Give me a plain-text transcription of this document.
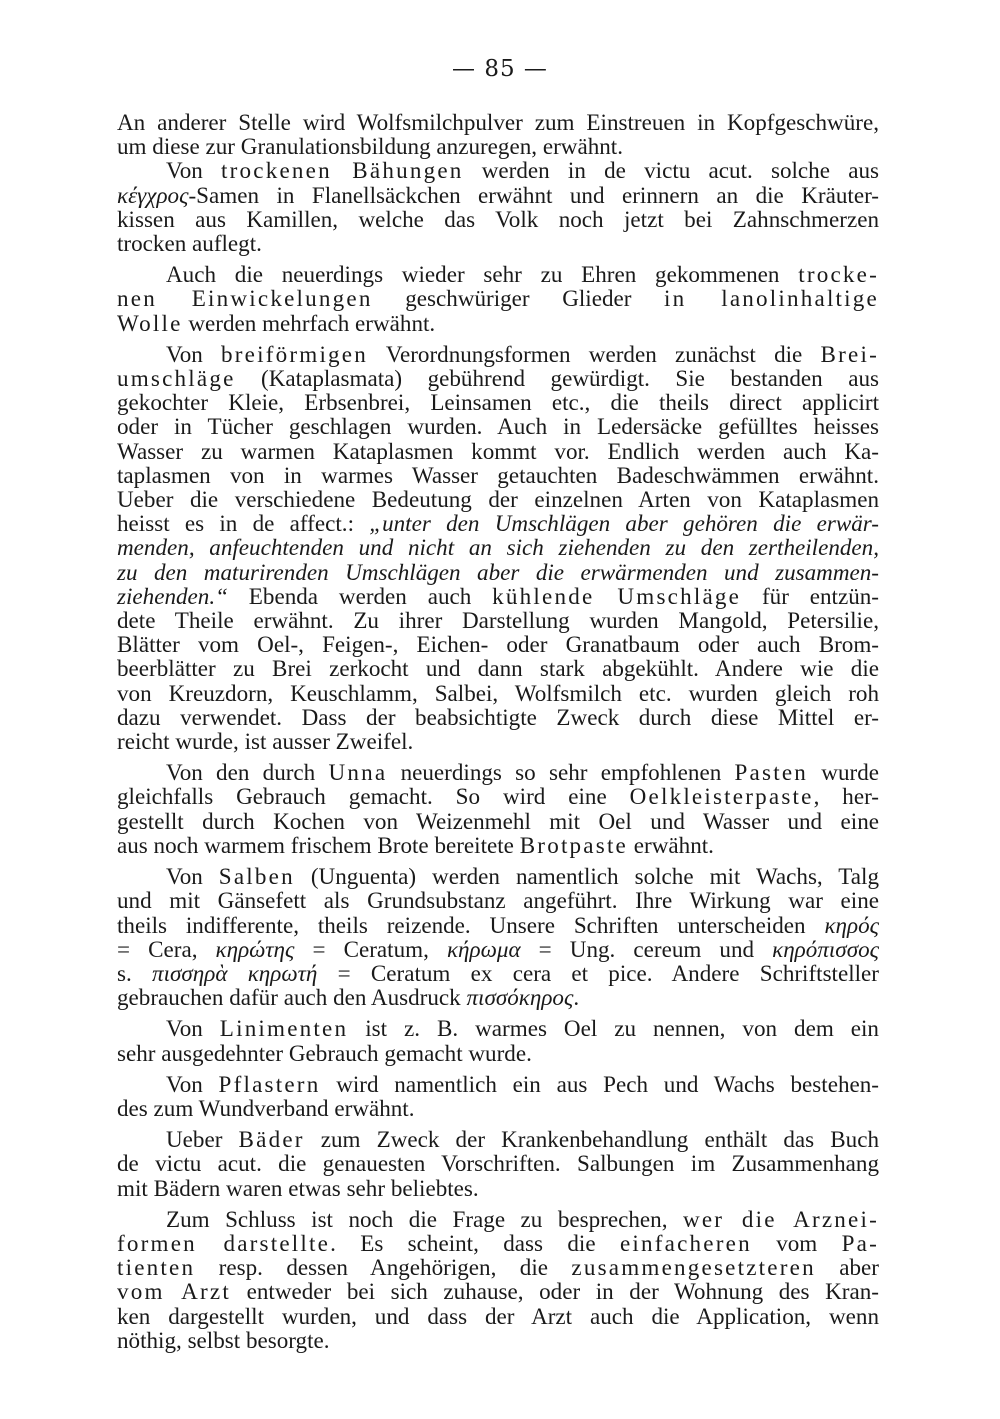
— 85 —
An anderer Stelle wird Wolfsmilchpulver zum Einstreuen in Kopfgeschwüre,
um diese zur Granulationsbildung anzuregen, erwähnt.
Von trockenen Bähungen werden in de victu acut. solche aus
κέγχρος-Samen in Flanellsäckchen erwähnt und erinnern an die Kräuter-
kissen aus Kamillen, welche das Volk noch jetzt bei Zahnschmerzen
trocken auflegt.
Auch die neuerdings wieder sehr zu Ehren gekommenen trocke-
nen Einwickelungen geschwüriger Glieder in lanolinhaltige
Wolle werden mehrfach erwähnt.
Von breiförmigen Verordnungsformen werden zunächst die Brei-
umschläge (Kataplasmata) gebührend gewürdigt. Sie bestanden aus
gekochter Kleie, Erbsenbrei, Leinsamen etc., die theils direct applicirt
oder in Tücher geschlagen wurden. Auch in Ledersäcke gefülltes heisses
Wasser zu warmen Kataplasmen kommt vor. Endlich werden auch Ka-
taplasmen von in warmes Wasser getauchten Badeschwämmen erwähnt.
Ueber die verschiedene Bedeutung der einzelnen Arten von Kataplasmen
heisst es in de affect.: „unter den Umschlägen aber gehören die erwär-
menden, anfeuchtenden und nicht an sich ziehenden zu den zertheilenden,
zu den maturirenden Umschlägen aber die erwärmenden und zusammen-
ziehenden.“ Ebenda werden auch kühlende Umschläge für entzün-
dete Theile erwähnt. Zu ihrer Darstellung wurden Mangold, Petersilie,
Blätter vom Oel-, Feigen-, Eichen- oder Granatbaum oder auch Brom-
beerblätter zu Brei zerkocht und dann stark abgekühlt. Andere wie die
von Kreuzdorn, Keuschlamm, Salbei, Wolfsmilch etc. wurden gleich roh
dazu verwendet. Dass der beabsichtigte Zweck durch diese Mittel er-
reicht wurde, ist ausser Zweifel.
Von den durch Unna neuerdings so sehr empfohlenen Pasten wurde
gleichfalls Gebrauch gemacht. So wird eine Oelkleisterpaste, her-
gestellt durch Kochen von Weizenmehl mit Oel und Wasser und eine
aus noch warmem frischem Brote bereitete Brotpaste erwähnt.
Von Salben (Unguenta) werden namentlich solche mit Wachs, Talg
und mit Gänsefett als Grundsubstanz angeführt. Ihre Wirkung war eine
theils indifferente, theils reizende. Unsere Schriften unterscheiden κηρός
= Cera, κηρώτης = Ceratum, κήρωμα = Ung. cereum und κηρόπισσος
s. πισσηρὰ κηρωτή = Ceratum ex cera et pice. Andere Schriftsteller
gebrauchen dafür auch den Ausdruck πισσόκηρος.
Von Linimenten ist z. B. warmes Oel zu nennen, von dem ein
sehr ausgedehnter Gebrauch gemacht wurde.
Von Pflastern wird namentlich ein aus Pech und Wachs bestehen-
des zum Wundverband erwähnt.
Ueber Bäder zum Zweck der Krankenbehandlung enthält das Buch
de victu acut. die genauesten Vorschriften. Salbungen im Zusammenhang
mit Bädern waren etwas sehr beliebtes.
Zum Schluss ist noch die Frage zu besprechen, wer die Arznei-
formen darstellte. Es scheint, dass die einfacheren vom Pa-
tienten resp. dessen Angehörigen, die zusammengesetzteren aber
vom Arzt entweder bei sich zuhause, oder in der Wohnung des Kran-
ken dargestellt wurden, und dass der Arzt auch die Application, wenn
nöthig, selbst besorgte.
